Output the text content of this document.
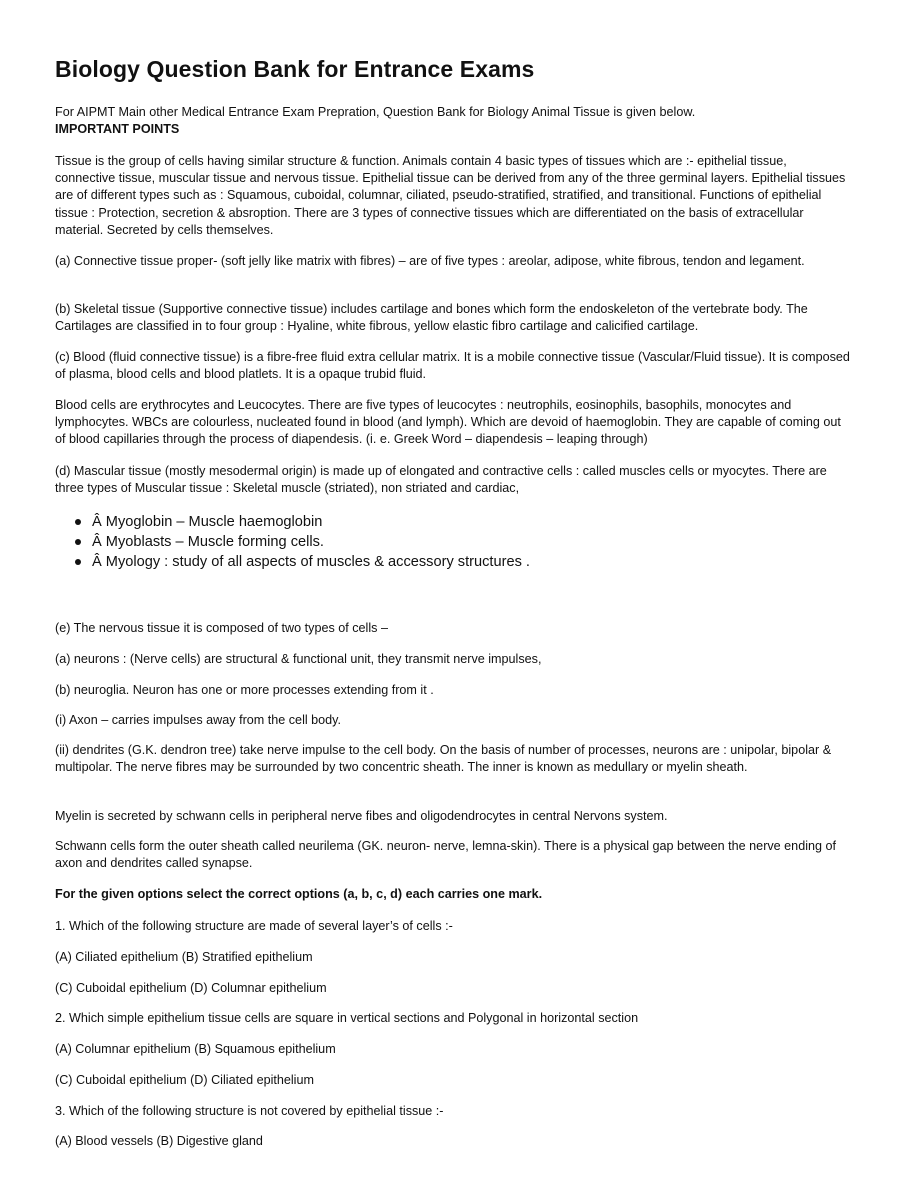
Biology Question Bank for Entrance Exams
For AIPMT Main other Medical Entrance Exam Prepration, Question Bank for Biology Animal Tissue is given below.
IMPORTANT POINTS

Tissue is the group of cells having similar structure & function. Animals contain 4 basic types of tissues which are :- epithelial tissue, connective tissue, muscular tissue and nervous tissue. Epithelial tissue can be derived from any of the three germinal layers. Epithelial tissues are of different types such as : Squamous, cuboidal, columnar, ciliated, pseudo-stratified, stratified, and transitional. Functions of epithelial tissue : Protection, secretion & absroption. There are 3 types of connective tissues which are differentiated on the basis of extracellular material. Secreted by cells themselves.

(a) Connective tissue proper- (soft jelly like matrix with fibres) – are of five types : areolar, adipose, white fibrous, tendon and legament.

(b) Skeletal tissue (Supportive connective tissue) includes cartilage and bones which form the endoskeleton of the vertebrate body. The Cartilages are classified in to four group : Hyaline, white fibrous, yellow elastic fibro cartilage and calicified cartilage.

(c) Blood (fluid connective tissue) is a fibre-free fluid extra cellular matrix. It is a mobile connective tissue (Vascular/Fluid tissue). It is composed of plasma, blood cells and blood platlets. It is a opaque trubid fluid.

Blood cells are erythrocytes and Leucocytes. There are five types of leucocytes : neutrophils, eosinophils, basophils, monocytes and lymphocytes. WBCs are colourless, nucleated found in blood (and lymph). Which are devoid of haemoglobin. They are capable of coming out of blood capillaries through the process of diapendesis. (i. e. Greek Word – diapendesis – leaping through)

(d) Mascular tissue (mostly mesodermal origin) is made up of elongated and contractive cells : called muscles cells or myocytes. There are three types of Muscular tissue : Skeletal muscle (striated), non striated and cardiac,

Â Myoglobin – Muscle haemoglobin
Â Myoblasts – Muscle forming cells.
Â Myology : study of all aspects of muscles & accessory structures .

(e) The nervous tissue it is composed of two types of cells –

(a) neurons : (Nerve cells) are structural & functional unit, they transmit nerve impulses,

(b) neuroglia. Neuron has one or more processes extending from it .

(i) Axon – carries impulses away from the cell body.

(ii) dendrites (G.K. dendron tree) take nerve impulse to the cell body. On the basis of number of processes, neurons are : unipolar, bipolar & multipolar. The nerve fibres may be surrounded by two concentric sheath. The inner is known as medullary or myelin sheath.

Myelin is secreted by schwann cells in peripheral nerve fibes and oligodendrocytes in central Nervons system.

Schwann cells form the outer sheath called neurilema (GK. neuron- nerve, lemna-skin). There is a physical gap between the nerve ending of axon and dendrites called synapse.

For the given options select the correct options (a, b, c, d) each carries one mark.

1. Which of the following structure are made of several layer’s of cells :-

(A) Ciliated epithelium (B) Stratified epithelium

(C) Cuboidal epithelium (D) Columnar epithelium

2. Which simple epithelium tissue cells are square in vertical sections and Polygonal in horizontal section

(A) Columnar epithelium (B) Squamous epithelium

(C) Cuboidal epithelium (D) Ciliated epithelium

3. Which of the following structure is not covered by epithelial tissue :-

(A) Blood vessels (B) Digestive gland
